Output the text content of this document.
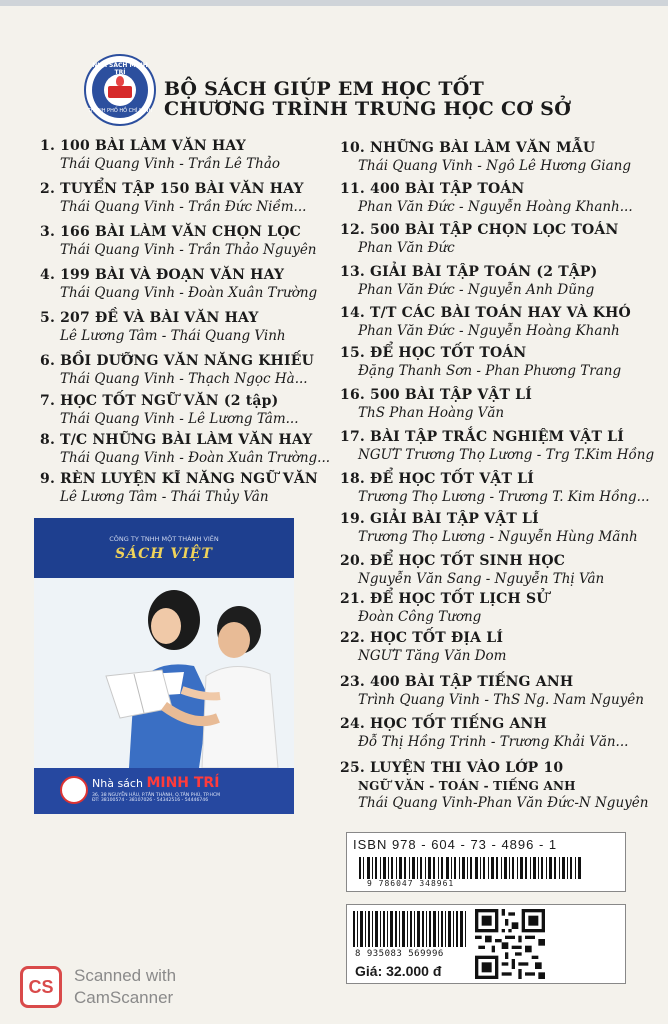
NHÀ SÁCH MINH TRÍ
THÀNH PHỐ HỒ CHÍ MINH
BỘ SÁCH GIÚP EM HỌC TỐT
CHƯƠNG TRÌNH TRUNG HỌC CƠ SỞ
1. 100 BÀI LÀM VĂN HAY
Thái Quang Vinh - Trần Lê Thảo
2. TUYỂN TẬP 150 BÀI VĂN HAY
Thái Quang Vinh - Trần Đức Niềm...
3. 166 BÀI LÀM VĂN CHỌN LỌC
Thái Quang Vinh - Trần Thảo Nguyên
4. 199 BÀI VÀ ĐOẠN VĂN HAY
Thái Quang Vinh - Đoàn Xuân Trường
5. 207 ĐỀ VÀ BÀI VĂN HAY
Lê Lương Tâm - Thái Quang Vinh
6. BỒI DƯỠNG VĂN NĂNG KHIẾU
Thái Quang Vinh - Thạch Ngọc Hà...
7. HỌC TỐT NGỮ VĂN (2 tập)
Thái Quang Vinh - Lê Lương Tâm...
8. T/C NHỮNG BÀI LÀM VĂN HAY
Thái Quang Vinh - Đoàn Xuân Trường...
9. RÈN LUYỆN KĨ NĂNG NGỮ VĂN
Lê Lương Tâm - Thái Thủy Vân
10. NHỮNG BÀI LÀM VĂN MẪU
Thái Quang Vinh - Ngô Lê Hương Giang
11. 400 BÀI TẬP TOÁN
Phan Văn Đức - Nguyễn Hoàng Khanh...
12. 500 BÀI TẬP CHỌN LỌC TOÁN
Phan Văn Đức
13. GIẢI BÀI TẬP TOÁN (2 TẬP)
Phan Văn Đức - Nguyễn Anh Dũng
14. T/T CÁC BÀI TOÁN HAY VÀ KHÓ
Phan Văn Đức - Nguyễn Hoàng Khanh
15. ĐỂ HỌC TỐT TOÁN
Đặng Thanh Sơn - Phan Phương Trang
16. 500 BÀI TẬP VẬT LÍ
ThS Phan Hoàng Văn
17. BÀI TẬP TRẮC NGHIỆM VẬT LÍ
NGƯT Trương Thọ Lương - Trg T.Kim Hồng
18. ĐỂ HỌC TỐT VẬT LÍ
Trương Thọ Lương - Trương T. Kim Hồng...
19. GIẢI BÀI TẬP VẬT LÍ
Trương Thọ Lương - Nguyễn Hùng Mãnh
20. ĐỂ HỌC TỐT SINH HỌC
Nguyễn Văn Sang - Nguyễn Thị Vân
21. ĐỂ HỌC TỐT LỊCH SỬ
Đoàn Công Tương
22. HỌC TỐT ĐỊA LÍ
NGƯT Tăng Văn Dom
23. 400 BÀI TẬP TIẾNG ANH
Trình Quang Vinh - ThS Ng. Nam Nguyên
24. HỌC TỐT TIẾNG ANH
Đỗ Thị Hồng Trinh - Trương Khải Văn...
25. LUYỆN THI VÀO LỚP 10
NGỮ VĂN - TOÁN - TIẾNG ANH
Thái Quang Vinh-Phan Văn Đức-N Nguyên
CÔNG TY TNHH MỘT THÀNH VIÊN
SÁCH VIỆT
Nhà sách MINH TRÍ
36, 38 NGUYỄN HẬU, P.TÂN THÀNH, Q.TÂN PHÚ, TP.HCM
ĐT: 38100574 - 38107026 - 54342516 - 54446746
ISBN 978 - 604 - 73 - 4896 - 1
9 786047 348961
8 935083 569996
Giá: 32.000 đ
CS
Scanned with
CamScanner
